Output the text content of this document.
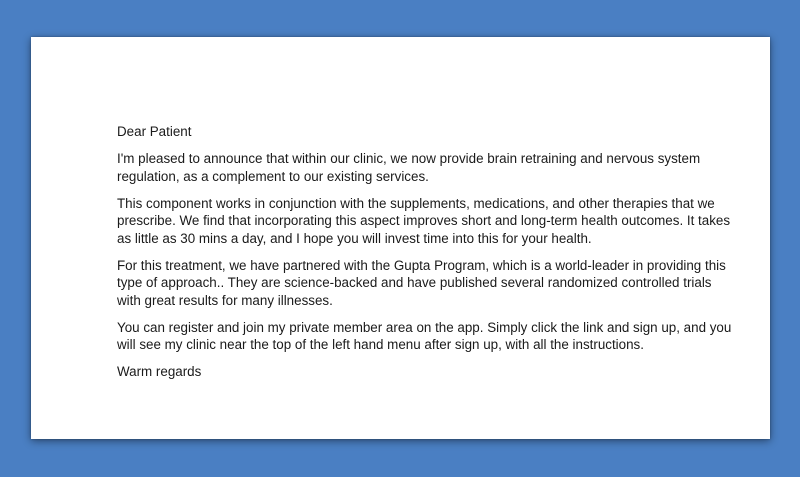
Dear Patient

I'm pleased to announce that within our clinic, we now provide brain retraining and nervous system regulation, as a complement to our existing services.

This component works in conjunction with the supplements, medications, and other therapies that we prescribe. We find that incorporating this aspect improves short and long-term health outcomes. It takes as little as 30 mins a day, and I hope you will invest time into this for your health.

For this treatment, we have partnered with the Gupta Program, which is a world-leader in providing this type of approach.. They are science-backed and have published several randomized controlled trials with great results for many illnesses.

You can register and join my private member area on the app. Simply click the link and sign up, and you will see my clinic near the top of the left hand menu after sign up, with all the instructions.

Warm regards
